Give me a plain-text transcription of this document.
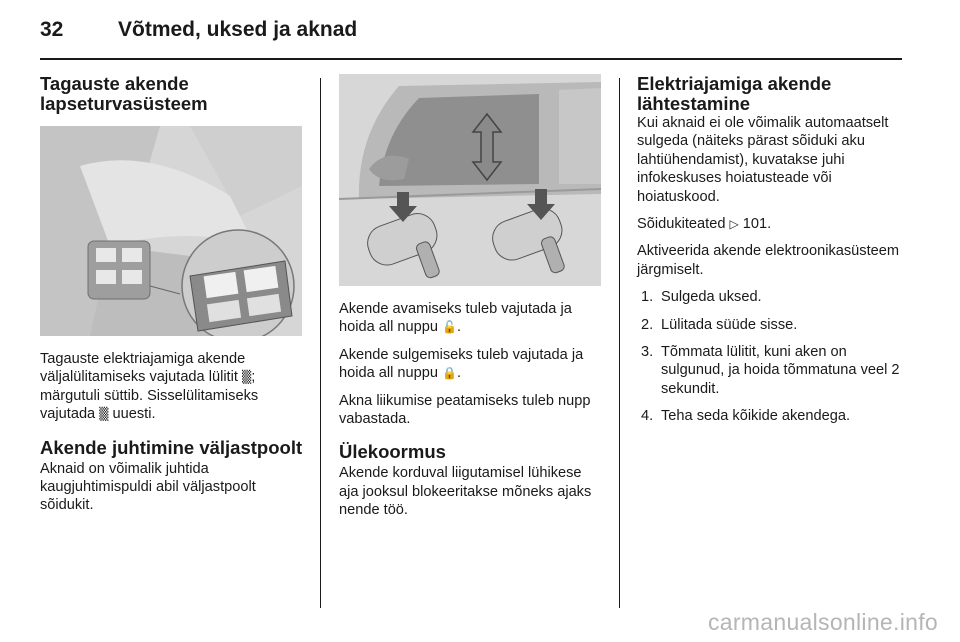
32	Võtmed, uksed ja aknad
Tagauste akende lapseturvasüsteem

Tagauste elektriajamiga akende väljalülitamiseks vajutada lülitit ▒; märgutuli süttib. Sisselülitamiseks vajutada ▒ uuesti.

Akende juhtimine väljastpoolt

Aknaid on võimalik juhtida kaugjuhtimispuldi abil väljastpoolt sõidukit.

Akende avamiseks tuleb vajutada ja hoida all nuppu 🔓.

Akende sulgemiseks tuleb vajutada ja hoida all nuppu 🔒.

Akna liikumise peatamiseks tuleb nupp vabastada.

Ülekoormus

Akende korduval liigutamisel lühikese aja jooksul blokeeritakse mõneks ajaks nende töö.

Elektriajamiga akende lähtestamine

Kui aknaid ei ole võimalik automaatselt sulgeda (näiteks pärast sõiduki aku lahtiühendamist), kuvatakse juhi infokeskuses hoiatusteade või hoiatuskood.

Sõidukiteated ▷ 101.

Aktiveerida akende elektroonikasüsteem järgmiselt.

1. Sulgeda uksed.
2. Lülitada süüde sisse.
3. Tõmmata lülitit, kuni aken on sulgunud, ja hoida tõmmatuna veel 2 sekundit.
4. Teha seda kõikide akendega.
carmanualsonline.info
